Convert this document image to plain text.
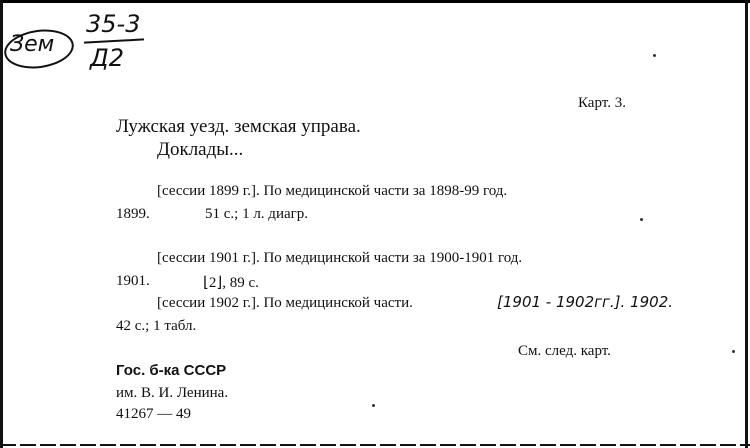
Зем
35-3
Д2
Карт. 3.
Лужская уезд. земская управа.
Доклады...
[сессии 1899 г.]. По медицинской части за 1898-99 год.
1899.	51 с.; 1 л. диагр.
[сессии 1901 г.]. По медицинской части за 1900-1901 год.
1901.	⌊2⌋, 89 с.
[сессии 1902 г.]. По медицинской части.	[1901 - 1902гг.]. 1902.
42 с.; 1 табл.
См. след. карт.
Гос. б-ка СССР
им. В. И. Ленина.
41267 — 49
